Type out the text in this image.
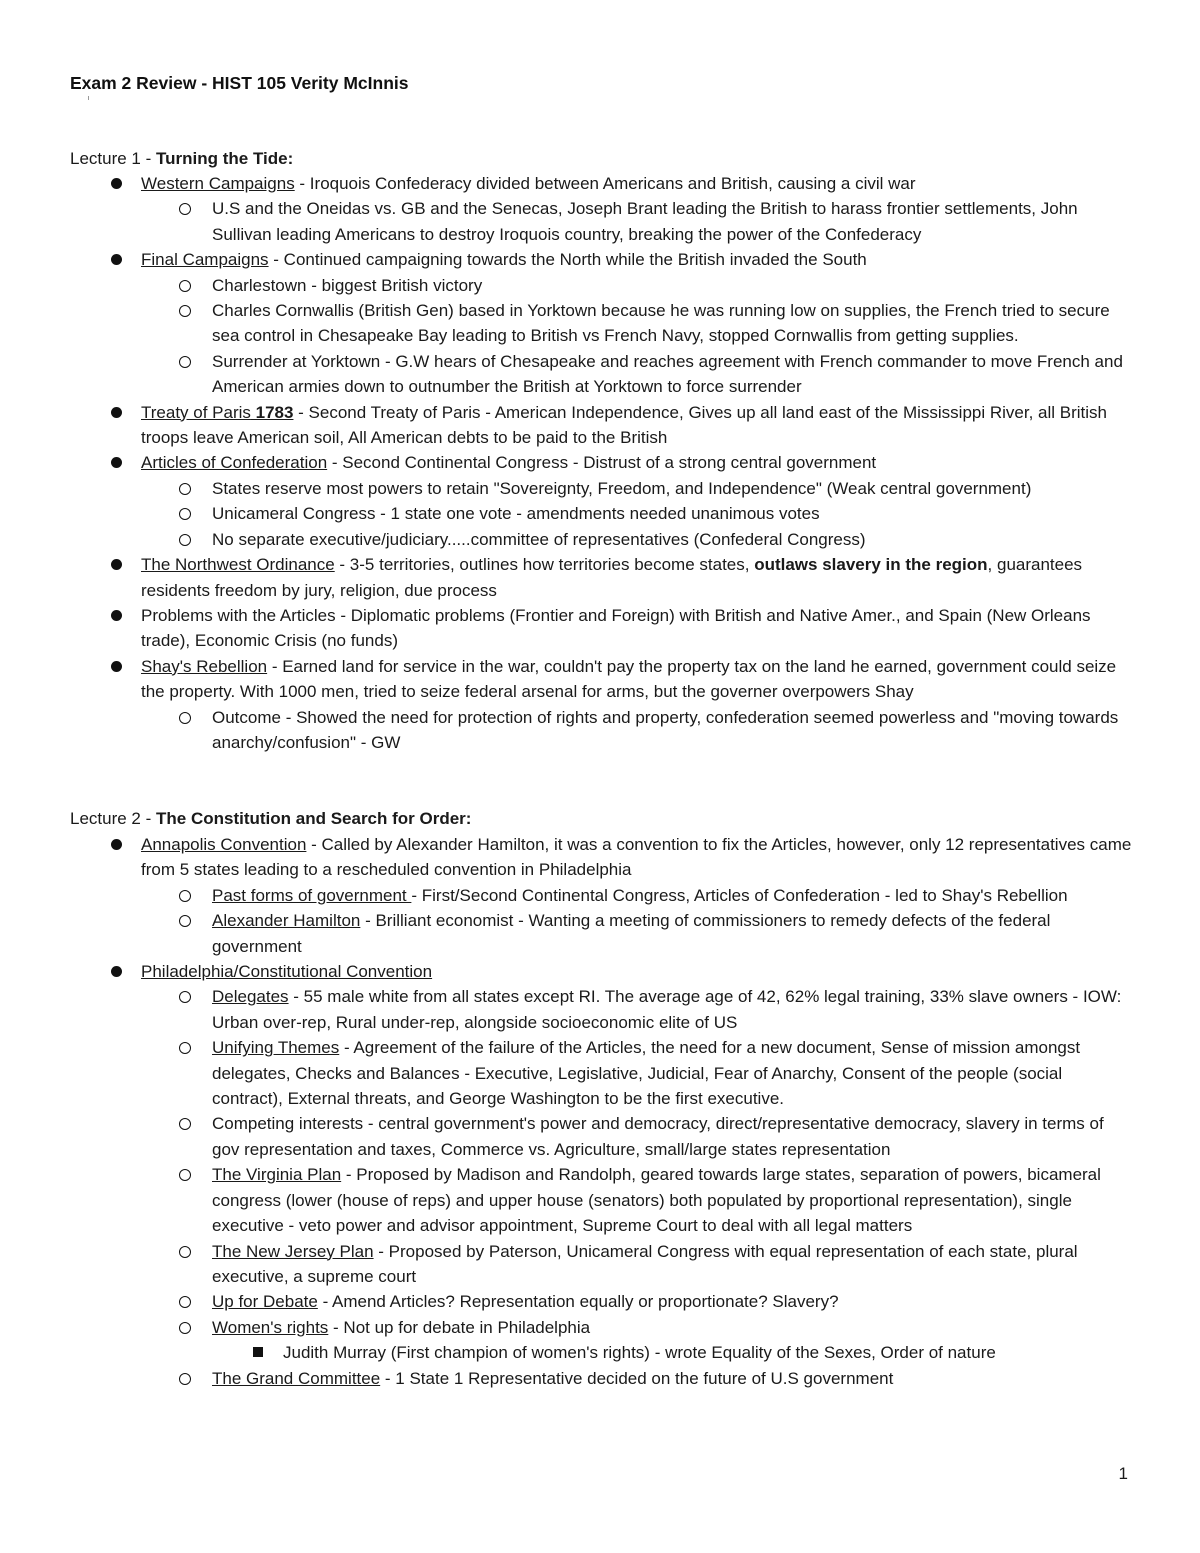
Exam 2 Review - HIST 105 Verity McInnis
Lecture 1 - Turning the Tide:
Western Campaigns - Iroquois Confederacy divided between Americans and British, causing a civil war
U.S and the Oneidas vs. GB and the Senecas, Joseph Brant leading the British to harass frontier settlements, John Sullivan leading Americans to destroy Iroquois country, breaking the power of the Confederacy
Final Campaigns - Continued campaigning towards the North while the British invaded the South
Charlestown - biggest British victory
Charles Cornwallis (British Gen) based in Yorktown because he was running low on supplies, the French tried to secure sea control in Chesapeake Bay leading to British vs French Navy, stopped Cornwallis from getting supplies.
Surrender at Yorktown - G.W hears of Chesapeake and reaches agreement with French commander to move French and American armies down to outnumber the British at Yorktown to force surrender
Treaty of Paris 1783 - Second Treaty of Paris - American Independence, Gives up all land east of the Mississippi River, all British troops leave American soil, All American debts to be paid to the British
Articles of Confederation - Second Continental Congress - Distrust of a strong central government
States reserve most powers to retain "Sovereignty, Freedom, and Independence" (Weak central government)
Unicameral Congress - 1 state one vote - amendments needed unanimous votes
No separate executive/judiciary.....committee of representatives (Confederal Congress)
The Northwest Ordinance - 3-5 territories, outlines how territories become states, outlaws slavery in the region, guarantees residents freedom by jury, religion, due process
Problems with the Articles - Diplomatic problems (Frontier and Foreign) with British and Native Amer., and Spain (New Orleans trade), Economic Crisis (no funds)
Shay's Rebellion - Earned land for service in the war, couldn't pay the property tax on the land he earned, government could seize the property. With 1000 men, tried to seize federal arsenal for arms, but the governer overpowers Shay
Outcome - Showed the need for protection of rights and property, confederation seemed powerless and "moving towards anarchy/confusion" - GW
Lecture 2 - The Constitution and Search for Order:
Annapolis Convention - Called by Alexander Hamilton, it was a convention to fix the Articles, however, only 12 representatives came from 5 states leading to a rescheduled convention in Philadelphia
Past forms of government - First/Second Continental Congress, Articles of Confederation - led to Shay's Rebellion
Alexander Hamilton - Brilliant economist - Wanting a meeting of commissioners to remedy defects of the federal government
Philadelphia/Constitutional Convention
Delegates - 55 male white from all states except RI. The average age of 42, 62% legal training, 33% slave owners - IOW: Urban over-rep, Rural under-rep, alongside socioeconomic elite of US
Unifying Themes - Agreement of the failure of the Articles, the need for a new document, Sense of mission amongst delegates, Checks and Balances - Executive, Legislative, Judicial, Fear of Anarchy, Consent of the people (social contract), External threats, and George Washington to be the first executive.
Competing interests - central government's power and democracy, direct/representative democracy, slavery in terms of gov representation and taxes, Commerce vs. Agriculture, small/large states representation
The Virginia Plan - Proposed by Madison and Randolph, geared towards large states, separation of powers, bicameral congress (lower (house of reps) and upper house (senators) both populated by proportional representation), single executive - veto power and advisor appointment, Supreme Court to deal with all legal matters
The New Jersey Plan - Proposed by Paterson, Unicameral Congress with equal representation of each state, plural executive, a supreme court
Up for Debate - Amend Articles? Representation equally or proportionate? Slavery?
Women's rights - Not up for debate in Philadelphia
Judith Murray (First champion of women's rights) - wrote Equality of the Sexes, Order of nature
The Grand Committee - 1 State 1 Representative decided on the future of U.S government
1
